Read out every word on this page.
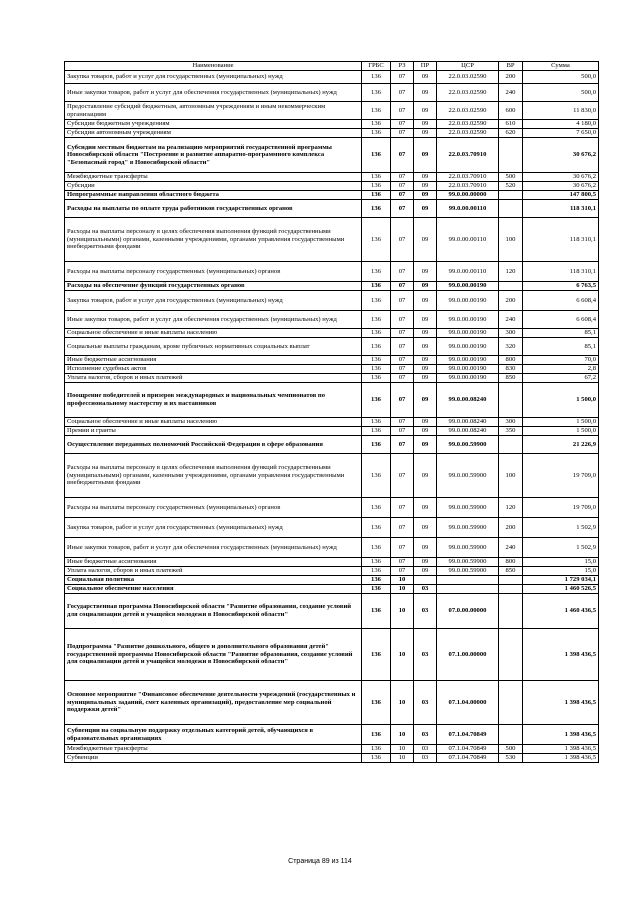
Наименование	ГРБС	РЗ	ПР	ЦСР	ВР	Сумма
Закупка товаров, работ и услуг для государственных (муниципальных) нужд	136	07	09	22.0.03.02590	200	500,0
Иные закупки товаров, работ и услуг для обеспечения государственных (муниципальных) нужд	136	07	09	22.0.03.02590	240	500,0
Предоставление субсидий бюджетным, автономным учреждениям и иным некоммерческим организациям	136	07	09	22.0.03.02590	600	11 830,0
Субсидии бюджетным учреждениям	136	07	09	22.0.03.02590	610	4 180,0
Субсидии автономным учреждениям	136	07	09	22.0.03.02590	620	7 650,0
Субсидии местным бюджетам на реализацию мероприятий государственной программы Новосибирской области "Построение и развитие аппаратно-программного комплекса "Безопасный город" в Новосибирской области"	136	07	09	22.0.03.70910		30 676,2
Межбюджетные трансферты	136	07	09	22.0.03.70910	500	30 676,2
Субсидии	136	07	09	22.0.03.70910	520	30 676,2
Непрограммные направления областного бюджета	136	07	09	99.0.00.00000		147 800,5
Расходы на выплаты по оплате труда работников государственных органов	136	07	09	99.0.00.00110		118 310,1
Расходы на выплаты персоналу в целях обеспечения выполнения функций государственными (муниципальными) органами, казенными учреждениями, органами управления государственными внебюджетными фондами	136	07	09	99.0.00.00110	100	118 310,1
Расходы на выплаты персоналу государственных (муниципальных) органов	136	07	09	99.0.00.00110	120	118 310,1
Расходы на обеспечение функций государственных органов	136	07	09	99.0.00.00190		6 763,5
Закупка товаров, работ и услуг для государственных (муниципальных) нужд	136	07	09	99.0.00.00190	200	6 608,4
Иные закупки товаров, работ и услуг для обеспечения государственных (муниципальных) нужд	136	07	09	99.0.00.00190	240	6 608,4
Социальное обеспечение и иные выплаты населению	136	07	09	99.0.00.00190	300	85,1
Социальные выплаты гражданам, кроме публичных нормативных социальных выплат	136	07	09	99.0.00.00190	320	85,1
Иные бюджетные ассигнования	136	07	09	99.0.00.00190	800	70,0
Исполнение судебных актов	136	07	09	99.0.00.00190	830	2,8
Уплата налогов, сборов и иных платежей	136	07	09	99.0.00.00190	850	67,2
Поощрение победителей и призеров международных и национальных чемпионатов по профессиональному мастерству и их наставников	136	07	09	99.0.00.08240		1 500,0
Социальное обеспечение и иные выплаты населению	136	07	09	99.0.00.08240	300	1 500,0
Премии и гранты	136	07	09	99.0.00.08240	350	1 500,0
Осуществление переданных полномочий Российской Федерации в сфере образования	136	07	09	99.0.00.59900		21 226,9
Расходы на выплаты персоналу в целях обеспечения выполнения функций государственными (муниципальными) органами, казенными учреждениями, органами управления государственными внебюджетными фондами	136	07	09	99.0.00.59900	100	19 709,0
Расходы на выплаты персоналу государственных (муниципальных) органов	136	07	09	99.0.00.59900	120	19 709,0
Закупка товаров, работ и услуг для государственных (муниципальных) нужд	136	07	09	99.0.00.59900	200	1 502,9
Иные закупки товаров, работ и услуг для обеспечения государственных (муниципальных) нужд	136	07	09	99.0.00.59900	240	1 502,9
Иные бюджетные ассигнования	136	07	09	99.0.00.59900	800	15,0
Уплата налогов, сборов и иных платежей	136	07	09	99.0.00.59900	850	15,0
Социальная политика	136	10				1 729 034,1
Социальное обеспечение населения	136	10	03			1 460 526,5
Государственная программа Новосибирской области "Развитие образования, создание условий для социализации детей и учащейся молодежи в Новосибирской области"	136	10	03	07.0.00.00000		1 460 436,5
Подпрограмма "Развитие дошкольного, общего и дополнительного образования детей" государственной программы Новосибирской области "Развитие образования, создание условий для социализации детей и учащейся молодежи в Новосибирской области"	136	10	03	07.1.00.00000		1 398 436,5
Основное мероприятие "Финансовое обеспечение деятельности учреждений (государственных и муниципальных заданий, смет казенных организаций), предоставление мер социальной поддержки детей"	136	10	03	07.1.04.00000		1 398 436,5
Субвенции на социальную поддержку отдельных категорий детей, обучающихся в образовательных организациях	136	10	03	07.1.04.70849		1 398 436,5
Межбюджетные трансферты	136	10	03	07.1.04.70849	500	1 398 436,5
Субвенции	136	10	03	07.1.04.70849	530	1 398 436,5
Страница 89 из 114
